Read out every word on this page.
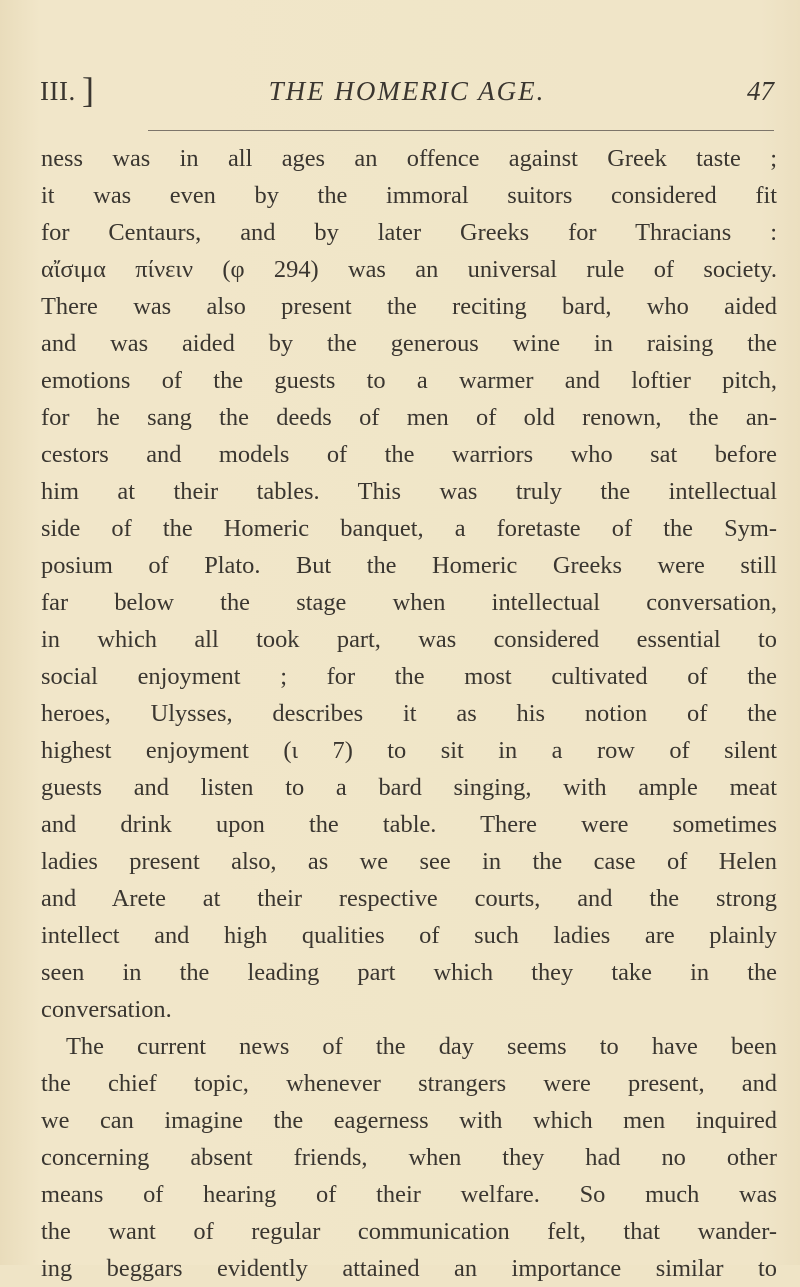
III. ]	THE HOMERIC AGE.	47
ness was in all ages an offence against Greek taste ;
it was even by the immoral suitors considered fit
for Centaurs, and by later Greeks for Thracians :
αἴσιμα πίνειν (φ 294) was an universal rule of society.
There was also present the reciting bard, who aided
and was aided by the generous wine in raising the
emotions of the guests to a warmer and loftier pitch,
for he sang the deeds of men of old renown, the an-
cestors and models of the warriors who sat before
him at their tables. This was truly the intellectual
side of the Homeric banquet, a foretaste of the Sym-
posium of Plato. But the Homeric Greeks were still
far below the stage when intellectual conversation,
in which all took part, was considered essential to
social enjoyment ; for the most cultivated of the
heroes, Ulysses, describes it as his notion of the
highest enjoyment (ι 7) to sit in a row of silent
guests and listen to a bard singing, with ample meat
and drink upon the table. There were sometimes
ladies present also, as we see in the case of Helen
and Arete at their respective courts, and the strong
intellect and high qualities of such ladies are plainly
seen in the leading part which they take in the
conversation.
The current news of the day seems to have been
the chief topic, whenever strangers were present, and
we can imagine the eagerness with which men inquired
concerning absent friends, when they had no other
means of hearing of their welfare. So much was
the want of regular communication felt, that wander-
ing beggars evidently attained an importance similar to
